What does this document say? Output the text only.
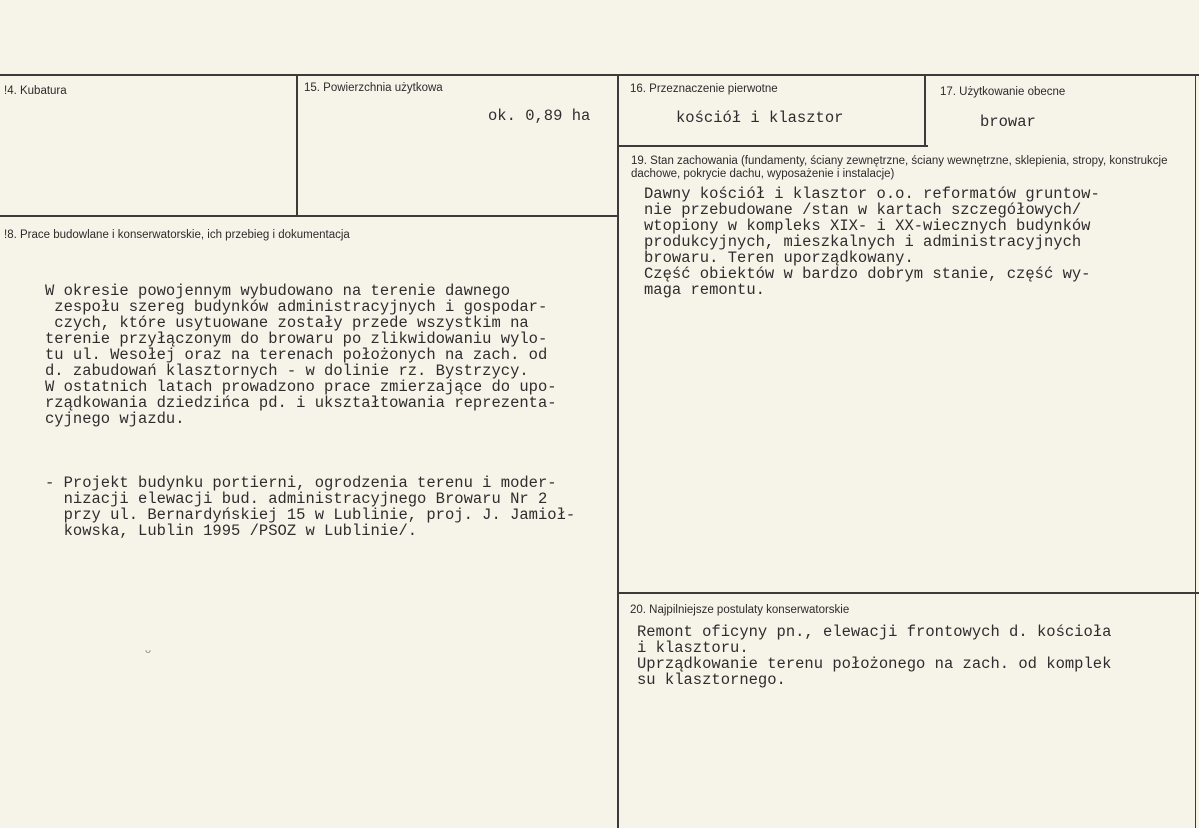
!4. Kubatura	15. Powierzchnia użytkowa
ok. 0,89 ha
16. Przeznaczenie pierwotne
kościół i klasztor
17. Użytkowanie obecne
browar
!8. Prace budowlane i konserwatorskie, ich przebieg i dokumentacja

W okresie powojennym wybudowano na terenie dawnego
zespołu szereg budynków administracyjnych i gospodar-
czych, które usytuowane zostały przede wszystkim na
terenie przyłączonym do browaru po zlikwidowaniu wylo-
tu ul. Wesołej oraz na terenach położonych na zach. od
d. zabudowań klasztornych - w dolinie rz. Bystrzycy.
W ostatnich latach prowadzono prace zmierzające do upo-
rządkowania dziedzińca pd. i ukształtowania reprezenta-
cyjnego wjazdu.

- Projekt budynku portierni, ogrodzenia terenu i moder-
nizacji elewacji bud. administracyjnego Browaru Nr 2
przy ul. Bernardyńskiej 15 w Lublinie, proj. J. Jamioł-
kowska, Lublin 1995 /PSOZ w Lublinie/.

19. Stan zachowania (fundamenty, ściany zewnętrzne, ściany wewnętrzne, sklepienia, stropy, konstrukcje dachowe, pokrycie dachu, wyposażenie i instalacje)
Dawny kościół i klasztor o.o. reformatów gruntow-
nie przebudowane /stan w kartach szczegółowych/
wtopiony w kompleks XIX- i XX-wiecznych budynków
produkcyjnych, mieszkalnych i administracyjnych
browaru. Teren uporządkowany.
Część obiektów w bardzo dobrym stanie, część wy-
maga remontu.
20. Najpilniejsze postulaty konserwatorskie
Remont oficyny pn., elewacji frontowych d. kościoła
i klasztoru.
Uprządkowanie terenu położonego na zach. od komplek
su klasztornego.
ᴗ
